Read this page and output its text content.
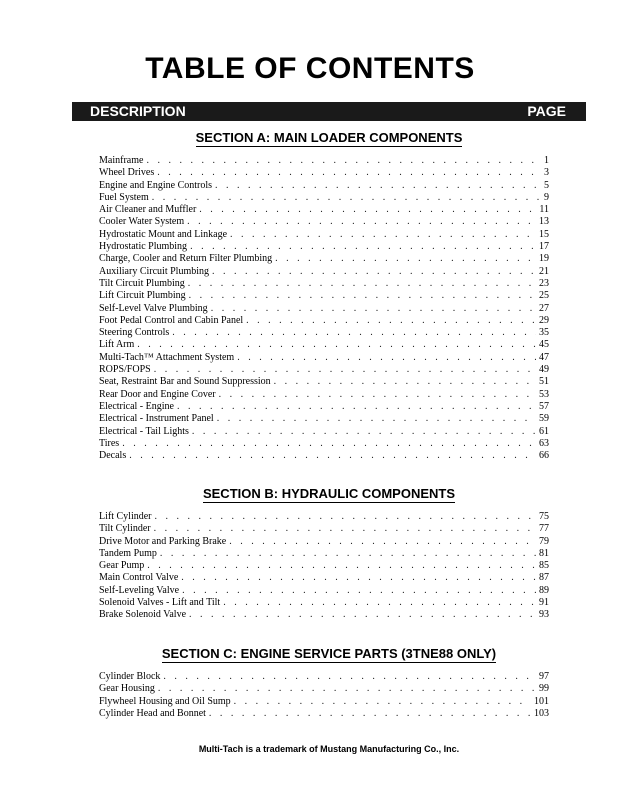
TABLE OF CONTENTS
DESCRIPTION	PAGE
SECTION A: MAIN LOADER COMPONENTS
Mainframe . . .	1
Wheel Drives . . .	3
Engine and Engine Controls . . .	5
Fuel System . . .	9
Air Cleaner and Muffler . . .	11
Cooler Water System . . .	13
Hydrostatic Mount and Linkage . . .	15
Hydrostatic Plumbing . . .	17
Charge, Cooler and Return Filter Plumbing . . .	19
Auxiliary Circuit Plumbing . . .	21
Tilt Circuit Plumbing . . .	23
Lift Circuit Plumbing . . .	25
Self-Level Valve Plumbing . . .	27
Foot Pedal Control and Cabin Panel . . .	29
Steering Controls . . .	35
Lift Arm . . .	45
Multi-Tach™ Attachment System . . .	47
ROPS/FOPS . . .	49
Seat, Restraint Bar and Sound Suppression . . .	51
Rear Door and Engine Cover . . .	53
Electrical - Engine . . .	57
Electrical - Instrument Panel . . .	59
Electrical - Tail Lights . . .	61
Tires . . .	63
Decals . . .	66
SECTION B: HYDRAULIC COMPONENTS
Lift Cylinder . . .	75
Tilt Cylinder . . .	77
Drive Motor and Parking Brake . . .	79
Tandem Pump . . .	81
Gear Pump . . .	85
Main Control Valve . . .	87
Self-Leveling Valve . . .	89
Solenoid Valves - Lift and Tilt . . .	91
Brake Solenoid Valve . . .	93
SECTION C: ENGINE SERVICE PARTS (3TNE88 ONLY)
Cylinder Block . . .	97
Gear Housing . . .	99
Flywheel Housing and Oil Sump . . .	101
Cylinder Head and Bonnet . . .	103
Multi-Tach is a trademark of Mustang Manufacturing Co., Inc.
